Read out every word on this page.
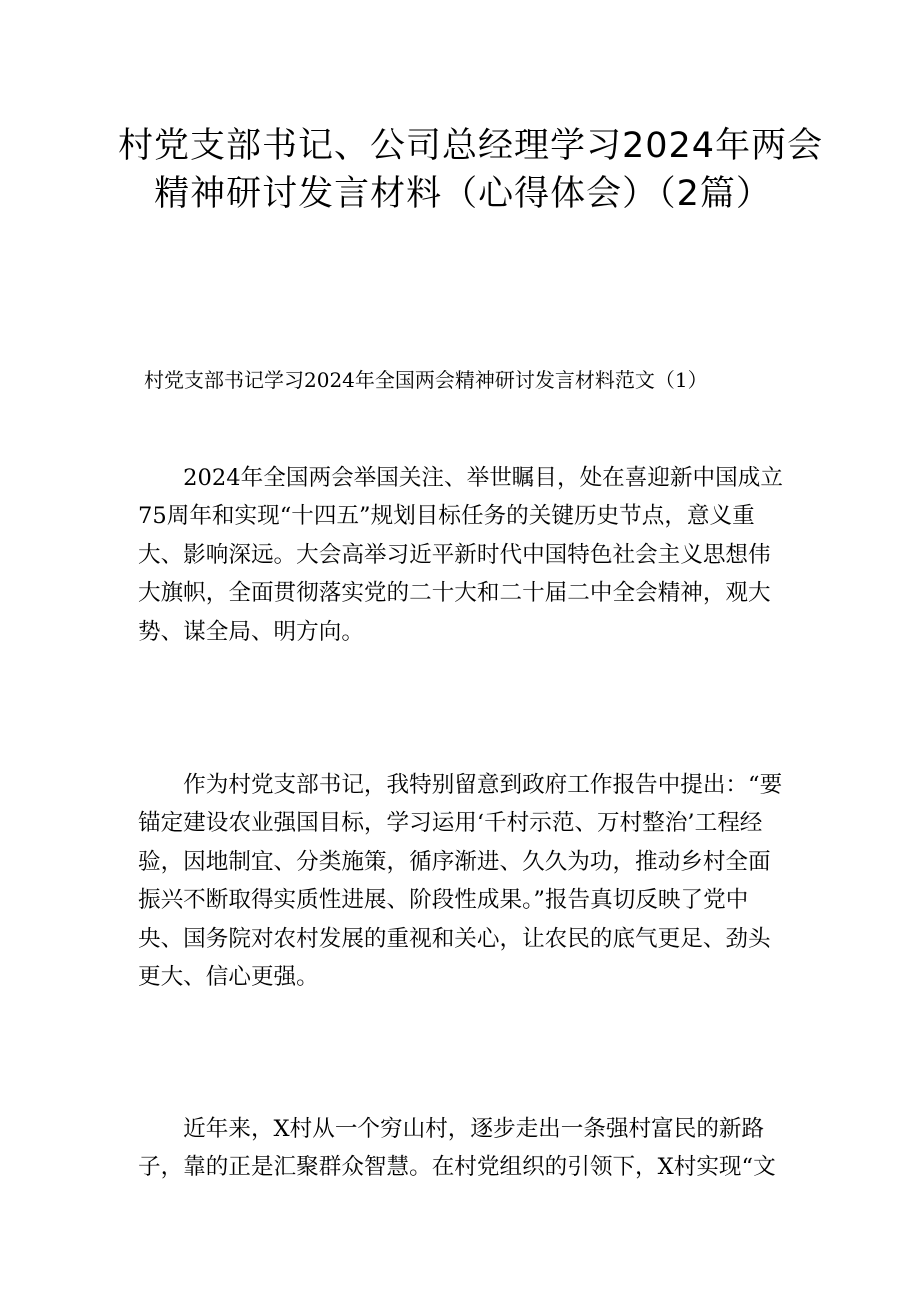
村党支部书记、公司总经理学习2024年两会
精神研讨发言材料（心得体会）（2篇）
村党支部书记学习2024年全国两会精神研讨发言材料范文（1）
　　2024年全国两会举国关注、举世瞩目，处在喜迎新中国成立
75周年和实现“十四五”规划目标任务的关键历史节点，意义重
大、影响深远。大会高举习近平新时代中国特色社会主义思想伟
大旗帜，全面贯彻落实党的二十大和二十届二中全会精神，观大
势、谋全局、明方向。
　　作为村党支部书记，我特别留意到政府工作报告中提出：“要
锚定建设农业强国目标，学习运用‘千村示范、万村整治’工程经
验，因地制宜、分类施策，循序渐进、久久为功，推动乡村全面
振兴不断取得实质性进展、阶段性成果。”报告真切反映了党中
央、国务院对农村发展的重视和关心，让农民的底气更足、劲头
更大、信心更强。
　　近年来，X村从一个穷山村，逐步走出一条强村富民的新路
子，靠的正是汇聚群众智慧。在村党组织的引领下，X村实现“文
